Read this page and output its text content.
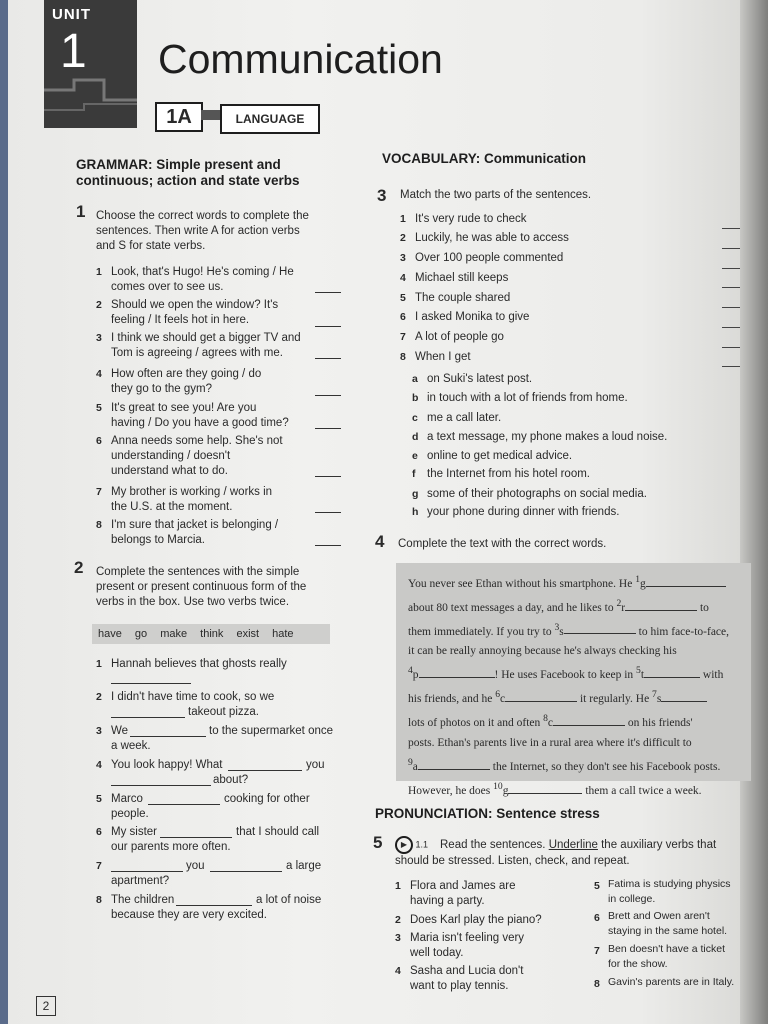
UNIT
1 Communication
1A	LANGUAGE
GRAMMAR: Simple present and
continuous; action and state verbs
1 Choose the correct words to complete the
sentences. Then write A for action verbs
and S for state verbs.
1 Look, that's Hugo! He's coming / He
comes over to see us.
2 Should we open the window? It's
feeling / It feels hot in here.
3 I think we should get a bigger TV and
Tom is agreeing / agrees with me.
4 How often are they going / do
they go to the gym?
5 It's great to see you! Are you
having / Do you have a good time?
6 Anna needs some help. She's not
understanding / doesn't
understand what to do.
7 My brother is working / works in
the U.S. at the moment.
8 I'm sure that jacket is belonging /
belongs to Marcia.
2 Complete the sentences with the simple
present or present continuous form of the
verbs in the box. Use two verbs twice.
have go make think exist hate
1 Hannah believes that ghosts really
2 I didn't have time to cook, so we
takeout pizza.
3 We	to the supermarket once
a week.
4 You look happy! What	you
about?
5 Marco	cooking for other
people.
6 My sister	that I should call
our parents more often.
7	you	a large
apartment?
8 The children	a lot of noise
because they are very excited.
VOCABULARY: Communication
3 Match the two parts of the sentences.
1 It's very rude to check
2 Luckily, he was able to access
3 Over 100 people commented
4 Michael still keeps
5 The couple shared
6 I asked Monika to give
7 A lot of people go
8 When I get
a on Suki's latest post.
b in touch with a lot of friends from home.
c me a call later.
d a text message, my phone makes a loud noise.
e online to get medical advice.
f the Internet from his hotel room.
g some of their photographs on social media.
h your phone during dinner with friends.
4 Complete the text with the correct words.
You never see Ethan without his smartphone. He $^1$g
about 80 text messages a day, and he likes to $^2$r	to
them immediately. If you try to $^3$s	to him face-to-face,
it can be really annoying because he's always checking his
$^4$p	! He uses Facebook to keep in $^5$t	with
his friends, and he $^6$c	it regularly. He $^7$s
lots of photos on it and often $^8$c	on his friends'
posts. Ethan's parents live in a rural area where it's difficult to
$^9$a	the Internet, so they don't see his Facebook posts.
However, he does $^{10}$g	them a call twice a week.
PRONUNCIATION: Sentence stress
5	▶ 1.1 Read the sentences. Underline the auxiliary verbs that
should be stressed. Listen, check, and repeat.
1 Flora and James are
having a party.
2 Does Karl play the piano?
3 Maria isn't feeling very
well today.
4 Sasha and Lucia don't
want to play tennis.
5 Fatima is studying physics
in college.
6 Brett and Owen aren't
staying in the same hotel.
7 Ben doesn't have a ticket
for the show.
8 Gavin's parents are in Italy.
2
